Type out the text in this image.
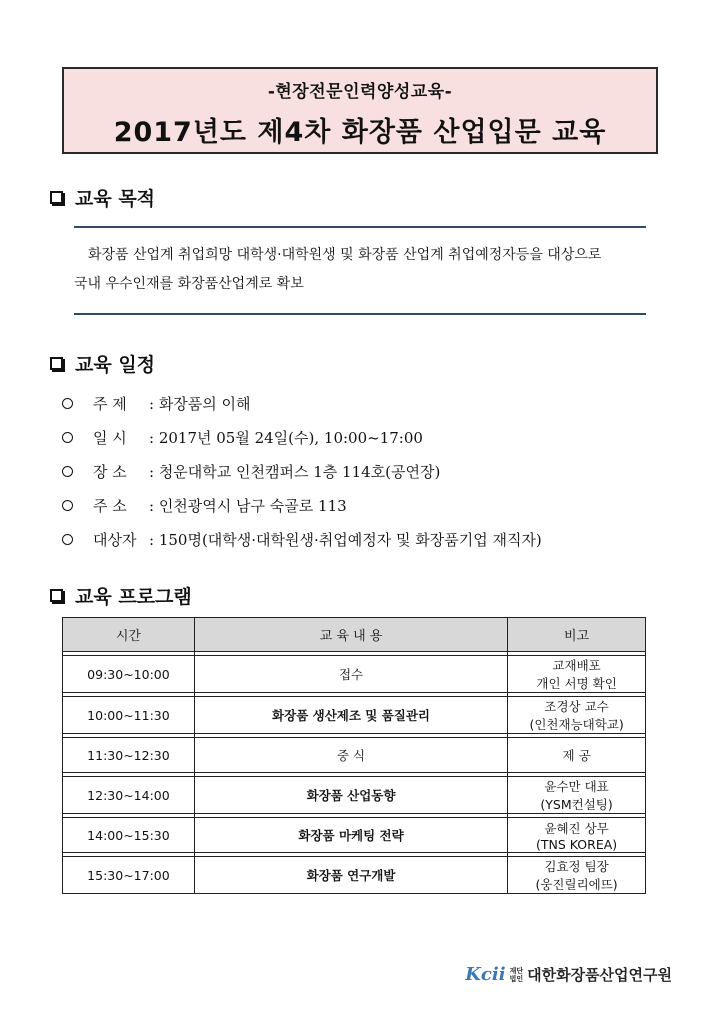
-현장전문인력양성교육-
2017년도 제4차 화장품 산업입문 교육
교육 목적
화장품 산업계 취업희망 대학생·대학원생 및 화장품 산업계 취업예정자등을 대상으로
국내 우수인재를 화장품산업계로 확보
교육 일정
주 제	: 화장품의 이해
일 시	: 2017년 05월 24일(수), 10:00~17:00
장 소	: 청운대학교 인천캠퍼스 1층 114호(공연장)
주 소	: 인천광역시 남구 숙골로 113
대상자 : 150명(대학생·대학원생·취업예정자 및 화장품기업 재직자)
교육 프로그램
시간	교 육 내 용	비고

09:30~10:00	접수	교재배포
개인 서명 확인

10:00~11:30	화장품 생산제조 및 품질관리	조경상 교수
(인천재능대학교)

11:30~12:30	중 식	제 공

12:30~14:00	화장품 산업동향	윤수만 대표
(YSM컨설팅)

14:00~15:30	화장품 마케팅 전략	윤혜진 상무
(TNS KOREA)

15:30~17:00	화장품 연구개발	김효정 팀장
(웅진릴리에뜨)
Kcii 재단
법인 대한화장품산업연구원
